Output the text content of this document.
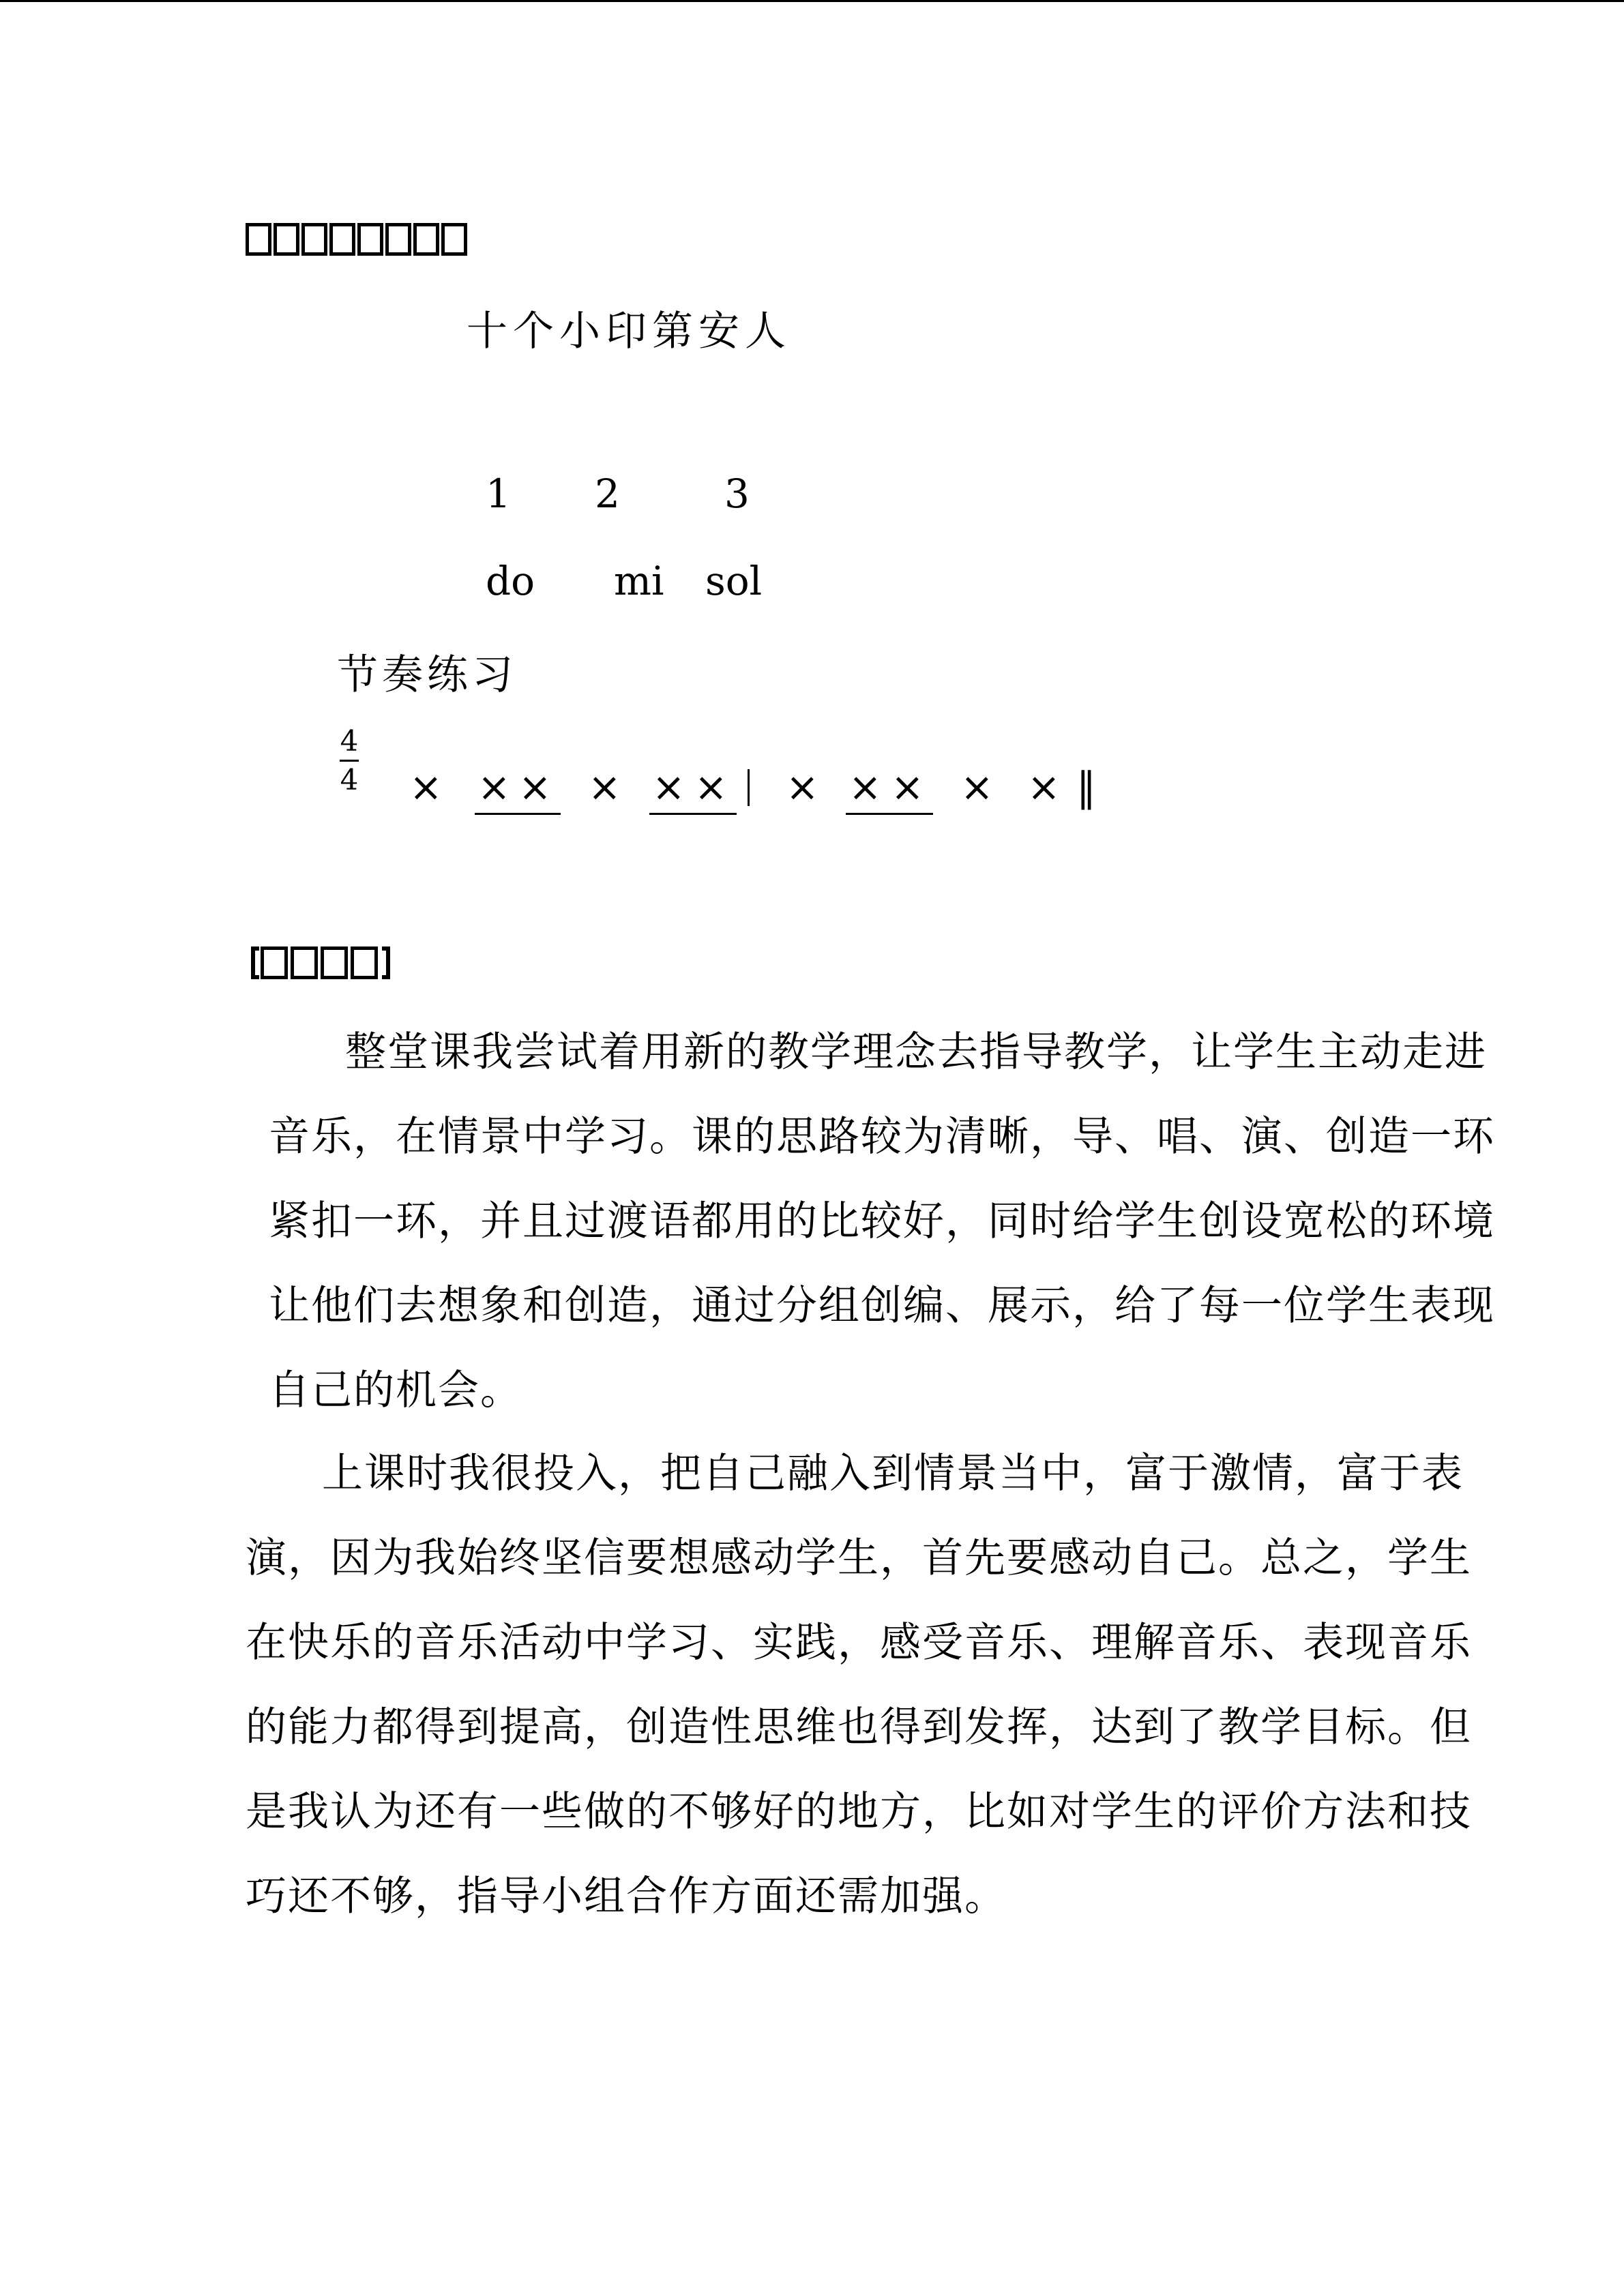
十个小印第安人
1 2	3
do mi sol
节奏练习
4
4 × × × × × × × × × × × ‖
整堂课我尝试着用新的教学理念去指导教学，让学生主动走进
音乐，在情景中学习。课的思路较为清晰，导、唱、演、创造一环
紧扣一环，并且过渡语都用的比较好，同时给学生创设宽松的环境
让他们去想象和创造，通过分组创编、展示，给了每一位学生表现
自己的机会。
上课时我很投入，把自己融入到情景当中，富于激情，富于表
演，因为我始终坚信要想感动学生，首先要感动自己。总之，学生
在快乐的音乐活动中学习、实践，感受音乐、理解音乐、表现音乐
的能力都得到提高，创造性思维也得到发挥，达到了教学目标。但
是我认为还有一些做的不够好的地方，比如对学生的评价方法和技
巧还不够，指导小组合作方面还需加强。
